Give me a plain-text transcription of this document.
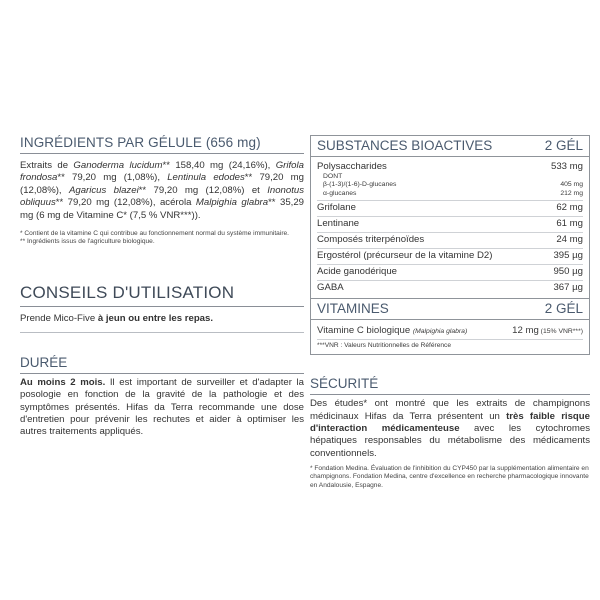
INGRÉDIENTS PAR GÉLULE (656 mg)
Extraits de Ganoderma lucidum** 158,40 mg (24,16%), Grifola frondosa** 79,20 mg (1,08%), Lentinula edodes** 79,20 mg (12,08%), Agaricus blazei** 79,20 mg (12,08%) et Inonotus obliquus** 79,20 mg (12,08%), acérola Malpighia glabra** 35,29 mg (6 mg de Vitamine C* (7,5 % VNR***)).
* Contient de la vitamine C qui contribue au fonctionnement normal du système immunitaire.
** Ingrédients issus de l'agriculture biologique.
CONSEILS D'UTILISATION
Prende Mico-Five à jeun ou entre les repas.
DURÉE
Au moins 2 mois. Il est important de surveiller et d'adapter la posologie en fonction de la gravité de la pathologie et des symptômes présentés. Hifas da Terra recommande une dose d'entretien pour prévenir les rechutes et aider à optimiser les autres traitements appliqués.
SUBSTANCES BIOACTIVES	2 GÉL
Polysaccharides	533 mg
DONT
β-(1-3)/(1-6)-D-glucanes	405 mg
α-glucanes	212 mg
Grifolane	62 mg
Lentinane	61 mg
Composés triterpénoïdes	24 mg
Ergostérol (précurseur de la vitamine D2)	395 µg
Acide ganodérique	950 µg
GABA	367 µg
VITAMINES	2 GÉL
Vitamine C biologique (Malpighia glabra)	12 mg (15% VNR***)
***VNR : Valeurs Nutritionnelles de Référence
SÉCURITÉ
Des études* ont montré que les extraits de champignons médicinaux Hifas da Terra présentent un très faible risque d'interaction médicamenteuse avec les cytochromes hépatiques responsables du métabolisme des médicaments conventionnels.
* Fondation Medina. Évaluation de l'inhibition du CYP450 par la supplémentation alimentaire en champignons. Fondation Medina, centre d'excellence en recherche pharmacologique innovante en Andalousie, Espagne.
